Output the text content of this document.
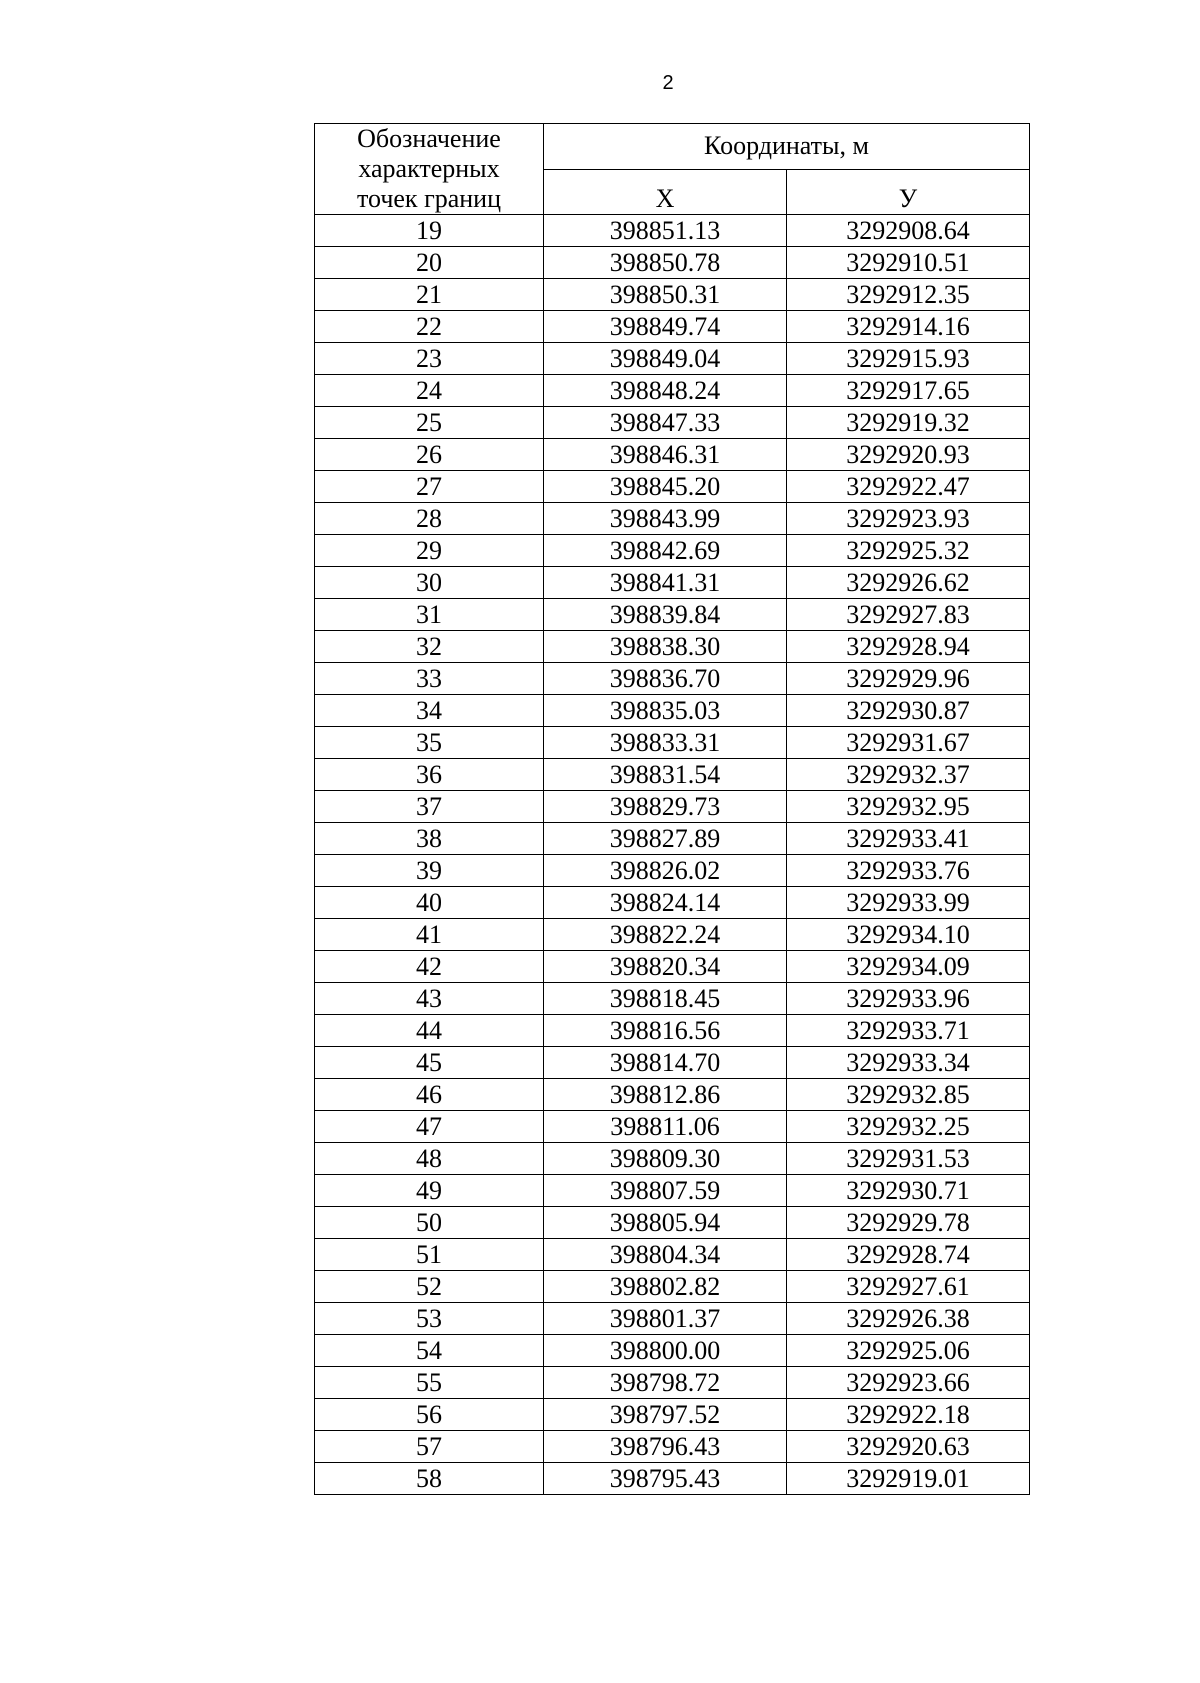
2
Обозначение
характерных
точек границ	Координаты, м	
	Х	У
19	398851.13	3292908.64
20	398850.78	3292910.51
21	398850.31	3292912.35
22	398849.74	3292914.16
23	398849.04	3292915.93
24	398848.24	3292917.65
25	398847.33	3292919.32
26	398846.31	3292920.93
27	398845.20	3292922.47
28	398843.99	3292923.93
29	398842.69	3292925.32
30	398841.31	3292926.62
31	398839.84	3292927.83
32	398838.30	3292928.94
33	398836.70	3292929.96
34	398835.03	3292930.87
35	398833.31	3292931.67
36	398831.54	3292932.37
37	398829.73	3292932.95
38	398827.89	3292933.41
39	398826.02	3292933.76
40	398824.14	3292933.99
41	398822.24	3292934.10
42	398820.34	3292934.09
43	398818.45	3292933.96
44	398816.56	3292933.71
45	398814.70	3292933.34
46	398812.86	3292932.85
47	398811.06	3292932.25
48	398809.30	3292931.53
49	398807.59	3292930.71
50	398805.94	3292929.78
51	398804.34	3292928.74
52	398802.82	3292927.61
53	398801.37	3292926.38
54	398800.00	3292925.06
55	398798.72	3292923.66
56	398797.52	3292922.18
57	398796.43	3292920.63
58	398795.43	3292919.01
